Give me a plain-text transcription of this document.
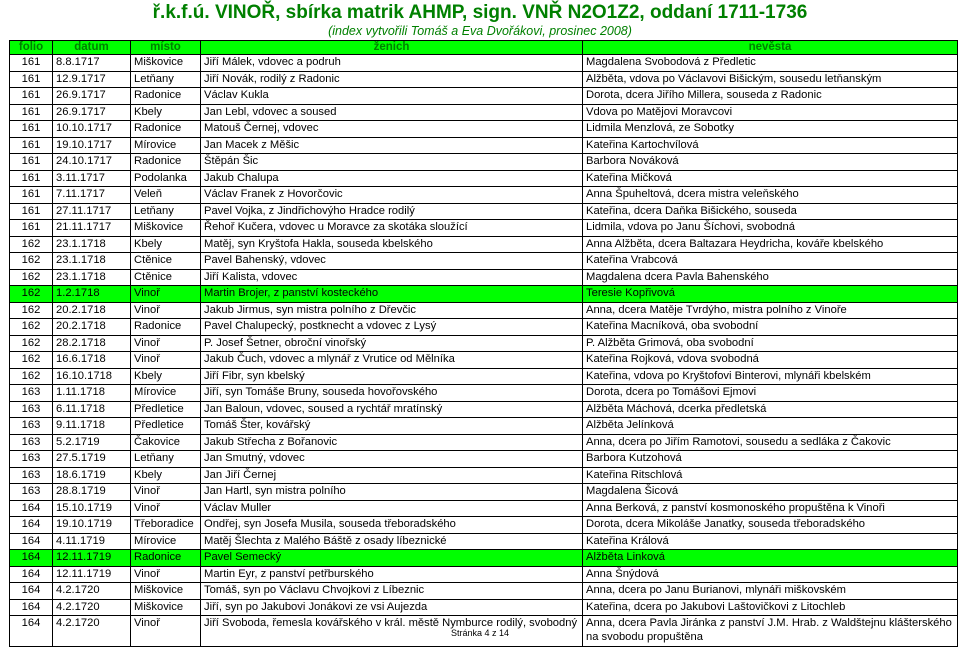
ř.k.f.ú. VINOŘ, sbírka matrik AHMP, sign. VNŘ N2O1Z2, oddaní 1711-1736
(index vytvořili Tomáš a Eva Dvořákovi, prosinec 2008)
folio	datum	místo	ženich	nevěsta
161	8.8.1717	Miškovice	Jiří Málek, vdovec a podruh	Magdalena Svobodová z Předletic
161	12.9.1717	Letňany	Jiří Novák, rodilý z Radonic	Alžběta, vdova po Václavovi Bišickým, sousedu letňanským
161	26.9.1717	Radonice	Václav Kukla	Dorota, dcera Jiřího Millera, souseda z Radonic
161	26.9.1717	Kbely	Jan Lebl, vdovec a soused	Vdova po Matějovi Moravcovi
161	10.10.1717	Radonice	Matouš Černej, vdovec	Lidmila Menzlová, ze Sobotky
161	19.10.1717	Mírovice	Jan Macek z Měšic	Kateřina Kartochvílová
161	24.10.1717	Radonice	Štěpán Šic	Barbora Nováková
161	3.11.1717	Podolanka	Jakub Chalupa	Kateřina Mičková
161	7.11.1717	Veleň	Václav Franek z Hovorčovic	Anna Špuheltová, dcera mistra veleňského
161	27.11.1717	Letňany	Pavel Vojka, z Jindřichovýho Hradce rodilý	Kateřina, dcera Daňka Bišického, souseda
161	21.11.1717	Miškovice	Řehoř Kučera, vdovec u Moravce za skotáka sloužící	Lidmila, vdova po Janu Šíchovi, svobodná
162	23.1.1718	Kbely	Matěj, syn Kryštofa Hakla, souseda kbelského	Anna Alžběta, dcera Baltazara Heydricha, kováře kbelského
162	23.1.1718	Ctěnice	Pavel Bahenský, vdovec	Kateřina Vrabcová
162	23.1.1718	Ctěnice	Jiří Kalista, vdovec	Magdalena dcera Pavla Bahenského
162	1.2.1718	Vinoř	Martin Brojer, z panství kosteckého	Teresie Kopřivová
162	20.2.1718	Vinoř	Jakub Jirmus, syn mistra polního z Dřevčic	Anna, dcera Matěje Tvrdýho, mistra polního z Vinoře
162	20.2.1718	Radonice	Pavel Chalupecký, postknecht a vdovec z Lysý	Kateřina Macníková, oba svobodní
162	28.2.1718	Vinoř	P. Josef Šetner, obroční vinořský	P. Alžběta Grimová, oba svobodní
162	16.6.1718	Vinoř	Jakub Čuch, vdovec a mlynář z Vrutice od Mělníka	Kateřina Rojková, vdova svobodná
162	16.10.1718	Kbely	Jiří Fibr, syn kbelský	Kateřina, vdova po Kryštofovi Binterovi, mlynáři kbelském
163	1.11.1718	Mírovice	Jiří, syn Tomáše Bruny, souseda hovořovského	Dorota, dcera po Tomášovi Ejmovi
163	6.11.1718	Předletice	Jan Baloun, vdovec, soused a rychtář mratínský	Alžběta Máchová, dcerka předletská
163	9.11.1718	Předletice	Tomáš Šter, kovářský	Alžběta Jelínková
163	5.2.1719	Čakovice	Jakub Střecha z Bořanovic	Anna, dcera po Jiřím Ramotovi, sousedu a sedláka z Čakovic
163	27.5.1719	Letňany	Jan Smutný, vdovec	Barbora Kutzohová
163	18.6.1719	Kbely	Jan Jiří Černej	Kateřina Ritschlová
163	28.8.1719	Vinoř	Jan Hartl, syn mistra polního	Magdalena Šicová
164	15.10.1719	Vinoř	Václav Muller	Anna Berková, z panství kosmonoského propuštěna k Vinoři
164	19.10.1719	Třeboradice	Ondřej, syn Josefa Musila, souseda třeboradského	Dorota, dcera Mikoláše Janatky, souseda třeboradského
164	4.11.1719	Mírovice	Matěj Šlechta z Malého Báště z osady líbeznické	Kateřina Králová
164	12.11.1719	Radonice	Pavel Semecký	Alžběta Linková
164	12.11.1719	Vinoř	Martin Eyr, z panství petřburského	Anna Šnýdová
164	4.2.1720	Miškovice	Tomáš, syn po Václavu Chvojkovi z Líbeznic	Anna, dcera po Janu Burianovi, mlynáři miškovském
164	4.2.1720	Miškovice	Jiří, syn po Jakubovi Jonákovi ze vsi Aujezda	Kateřina, dcera po Jakubovi Laštovičkovi z Litochleb
164	4.2.1720	Vinoř	Jiří Svoboda, řemesla kovářského v král. městě Nymburce rodilý, svobodný	Anna, dcera Pavla Jiránka z panství J.M. Hrab. z Waldštejnu klášterského na svobodu propuštěna
Stránka 4 z 14
